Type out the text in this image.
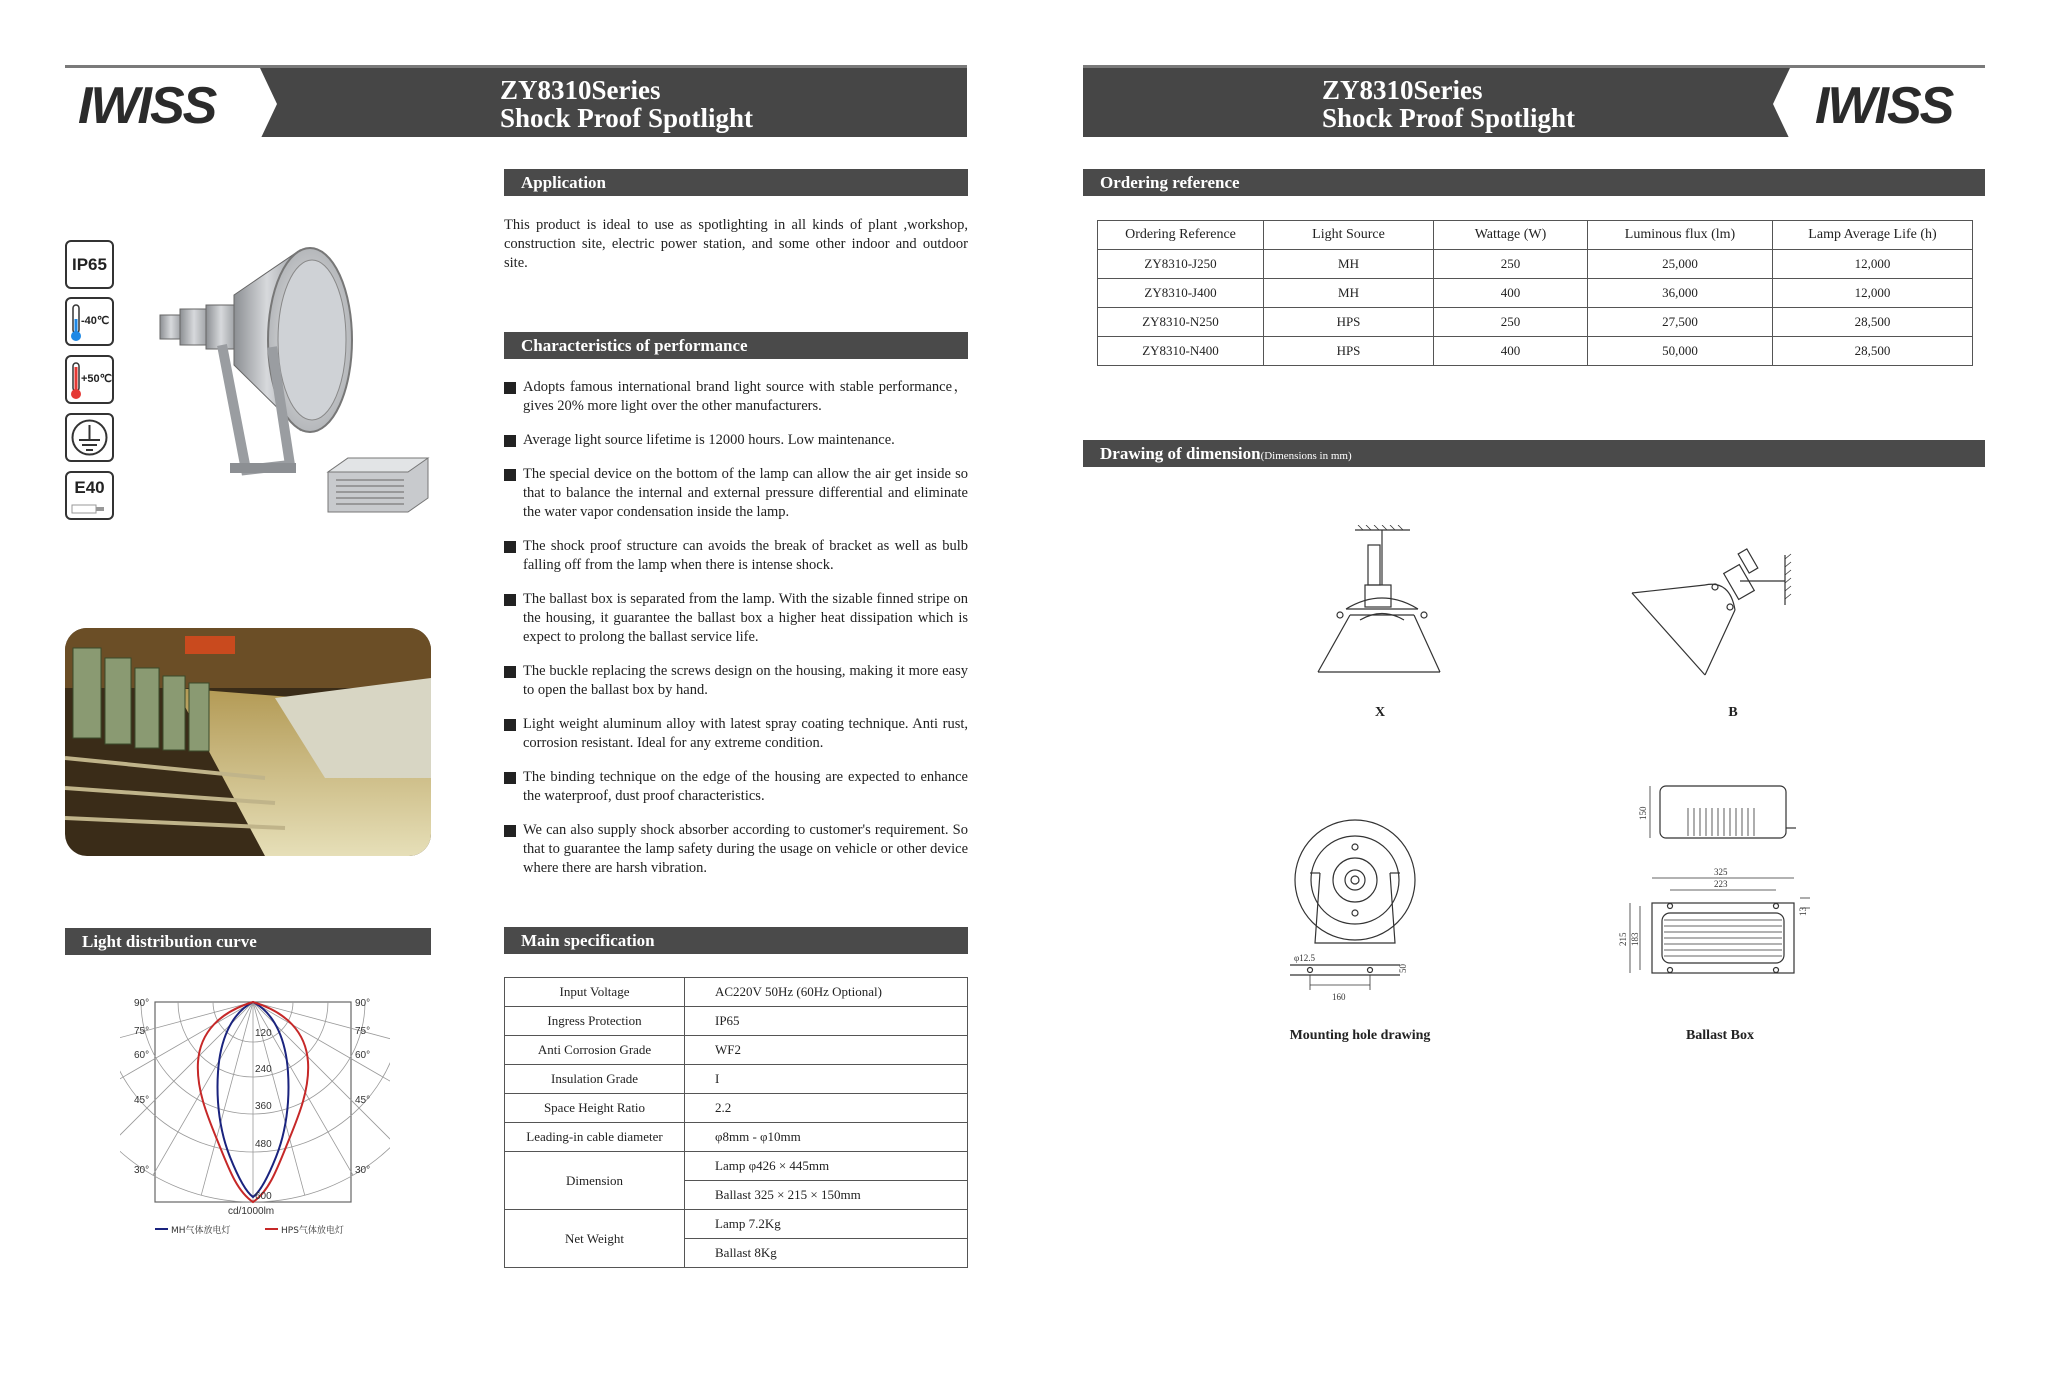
IWISS	ZY8310Series
Shock Proof Spotlight	IWISS
ZY8310Series
Shock Proof Spotlight
IP65
-40℃
+50℃
E40
Light distribution curve
90°
75°
60°
45°
30°
90°
75°
60°
45°
30°
120
240
360
480
600
cd/1000lm
MH气体放电灯	HPS气体放电灯
Application
This product is ideal to use as spotlighting in all kinds of plant ,workshop, construction site, electric power station, and some other indoor and outdoor site.
Characteristics of performance
Adopts famous international brand light source with stable performance，gives 20% more light over the other manufacturers.
Average light source lifetime is 12000 hours. Low maintenance.
The special device on the bottom of the lamp can allow the air get inside so that to balance the internal and external pressure differential and eliminate the water vapor condensation inside the lamp.
The shock proof structure can avoids the break of bracket as well as bulb falling off from the lamp when there is intense shock.
The ballast box is separated from the lamp. With the sizable finned stripe on the housing, it guarantee the ballast box a higher heat dissipation which is expect to prolong the ballast service life.
The buckle replacing the screws design on the housing, making it more easy to open the ballast box by hand.
Light weight aluminum alloy with latest spray coating technique. Anti rust, corrosion resistant. Ideal for any extreme condition.
The binding technique on the edge of the housing are expected to enhance the waterproof, dust proof characteristics.
We can also supply shock absorber according to customer's requirement. So that to guarantee the lamp safety during the usage on vehicle or other device where there are harsh vibration.
Main specification
Input Voltage	AC220V 50Hz (60Hz Optional)
Ingress Protection	IP65
Anti Corrosion Grade	WF2
Insulation Grade	I
Space Height Ratio	2.2
Leading-in cable diameter	φ8mm - φ10mm
Dimension	Lamp φ426 × 445mm
	Ballast 325 × 215 × 150mm
Net Weight	Lamp 7.2Kg
	Ballast 8Kg
Ordering reference
Ordering Reference	Light Source	Wattage (W)	Luminous flux (lm)	Lamp Average Life (h)
ZY8310-J250	MH	250	25,000	12,000
ZY8310-J400	MH	400	36,000	12,000
ZY8310-N250	HPS	250	27,500	28,500
ZY8310-N400	HPS	400	50,000	28,500
Drawing of dimension(Dimensions in mm)
X	B
φ12.5
160
50
Mounting hole drawing
150
325
223
215 183
13
Ballast Box
